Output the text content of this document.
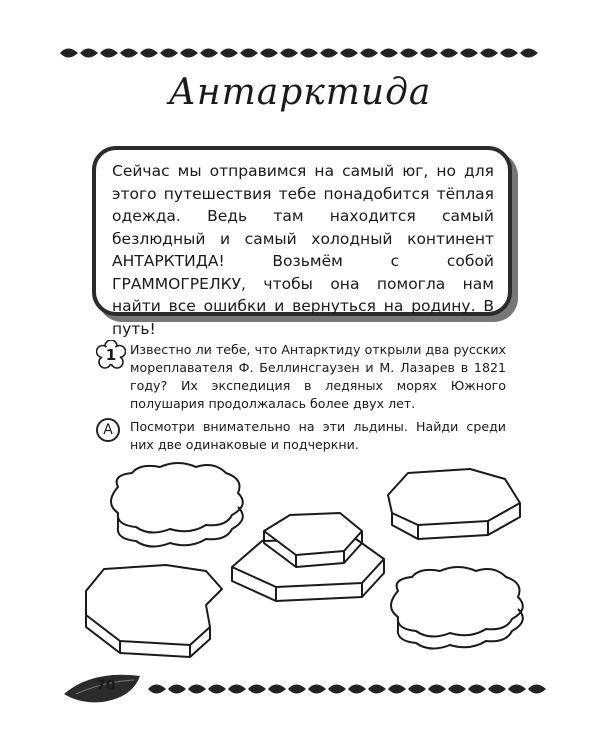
Антарктида
Сейчас мы отправимся на самый юг, но для этого путешествия тебе понадобится тёплая одежда. Ведь там находится самый безлюдный и самый холодный континент АНТАРКТИДА! Возьмём с собой ГРАММОГРЕЛКУ, чтобы она помогла нам найти все ошибки и вернуться на родину. В путь!
1	Известно ли тебе, что Антарктиду открыли два русских мореплавателя Ф. Беллинсгаузен и М. Лазарев в 1821 году? Их экспедиция в ледяных морях Южного полушария продолжалась более двух лет.
А	Посмотри внимательно на эти льдины. Найди среди них две одинаковые и подчеркни.
70
